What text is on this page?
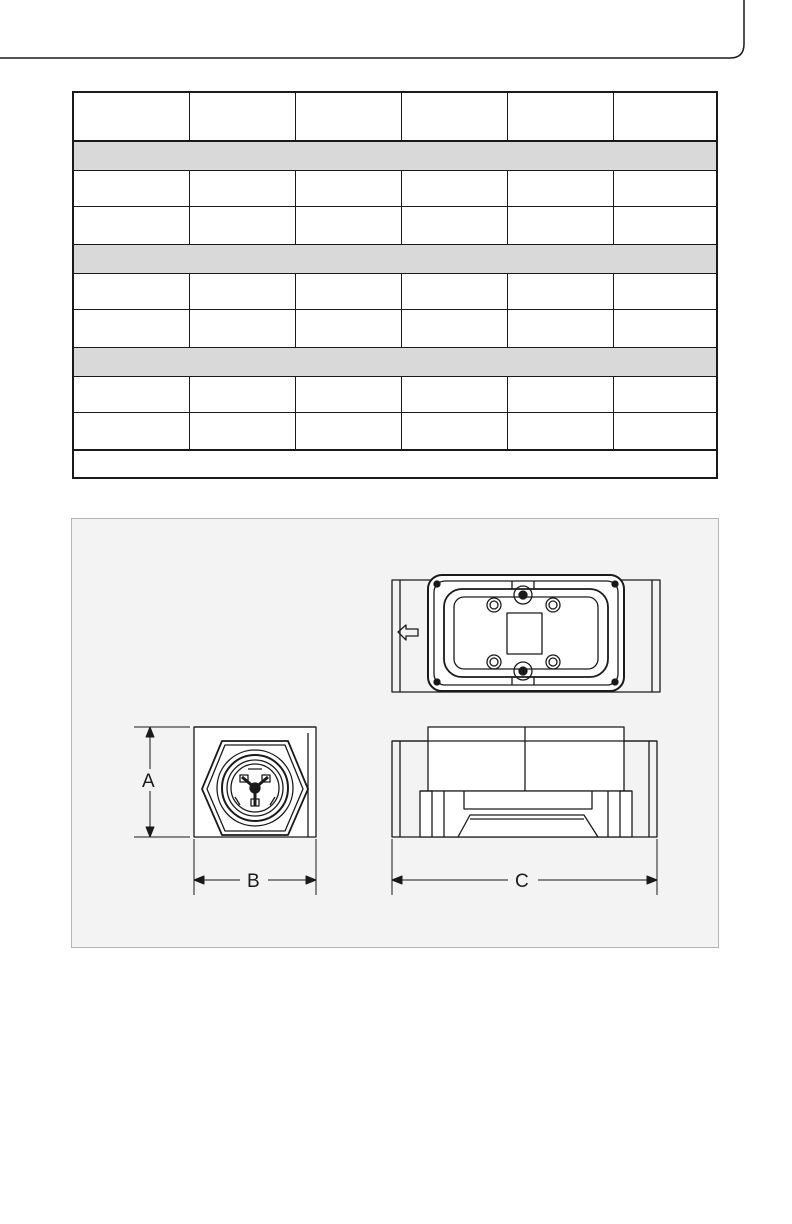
A
B	C
